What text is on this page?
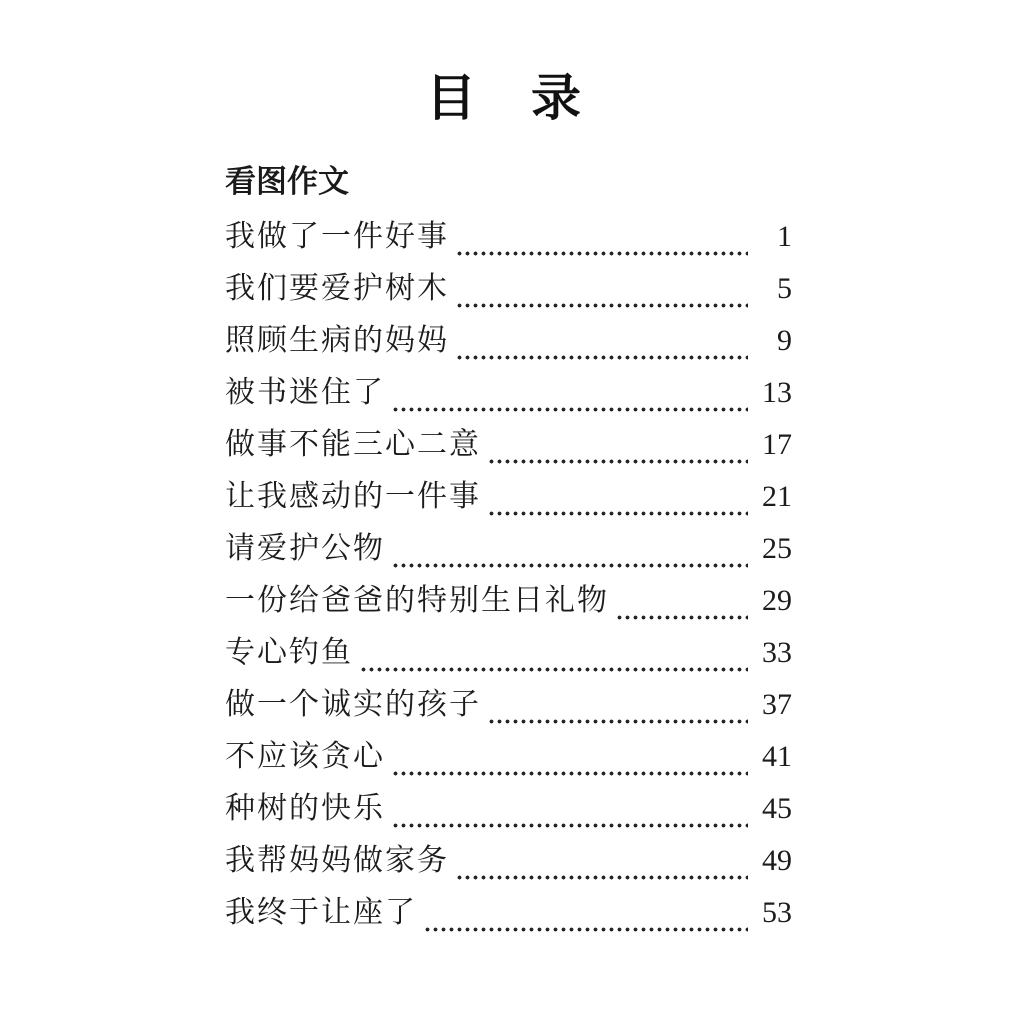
目  录
看图作文
我做了一件好事	1
我们要爱护树木	5
照顾生病的妈妈	9
被书迷住了	13
做事不能三心二意	17
让我感动的一件事	21
请爱护公物	25
一份给爸爸的特别生日礼物	29
专心钓鱼	33
做一个诚实的孩子	37
不应该贪心	41
种树的快乐	45
我帮妈妈做家务	49
我终于让座了	53
